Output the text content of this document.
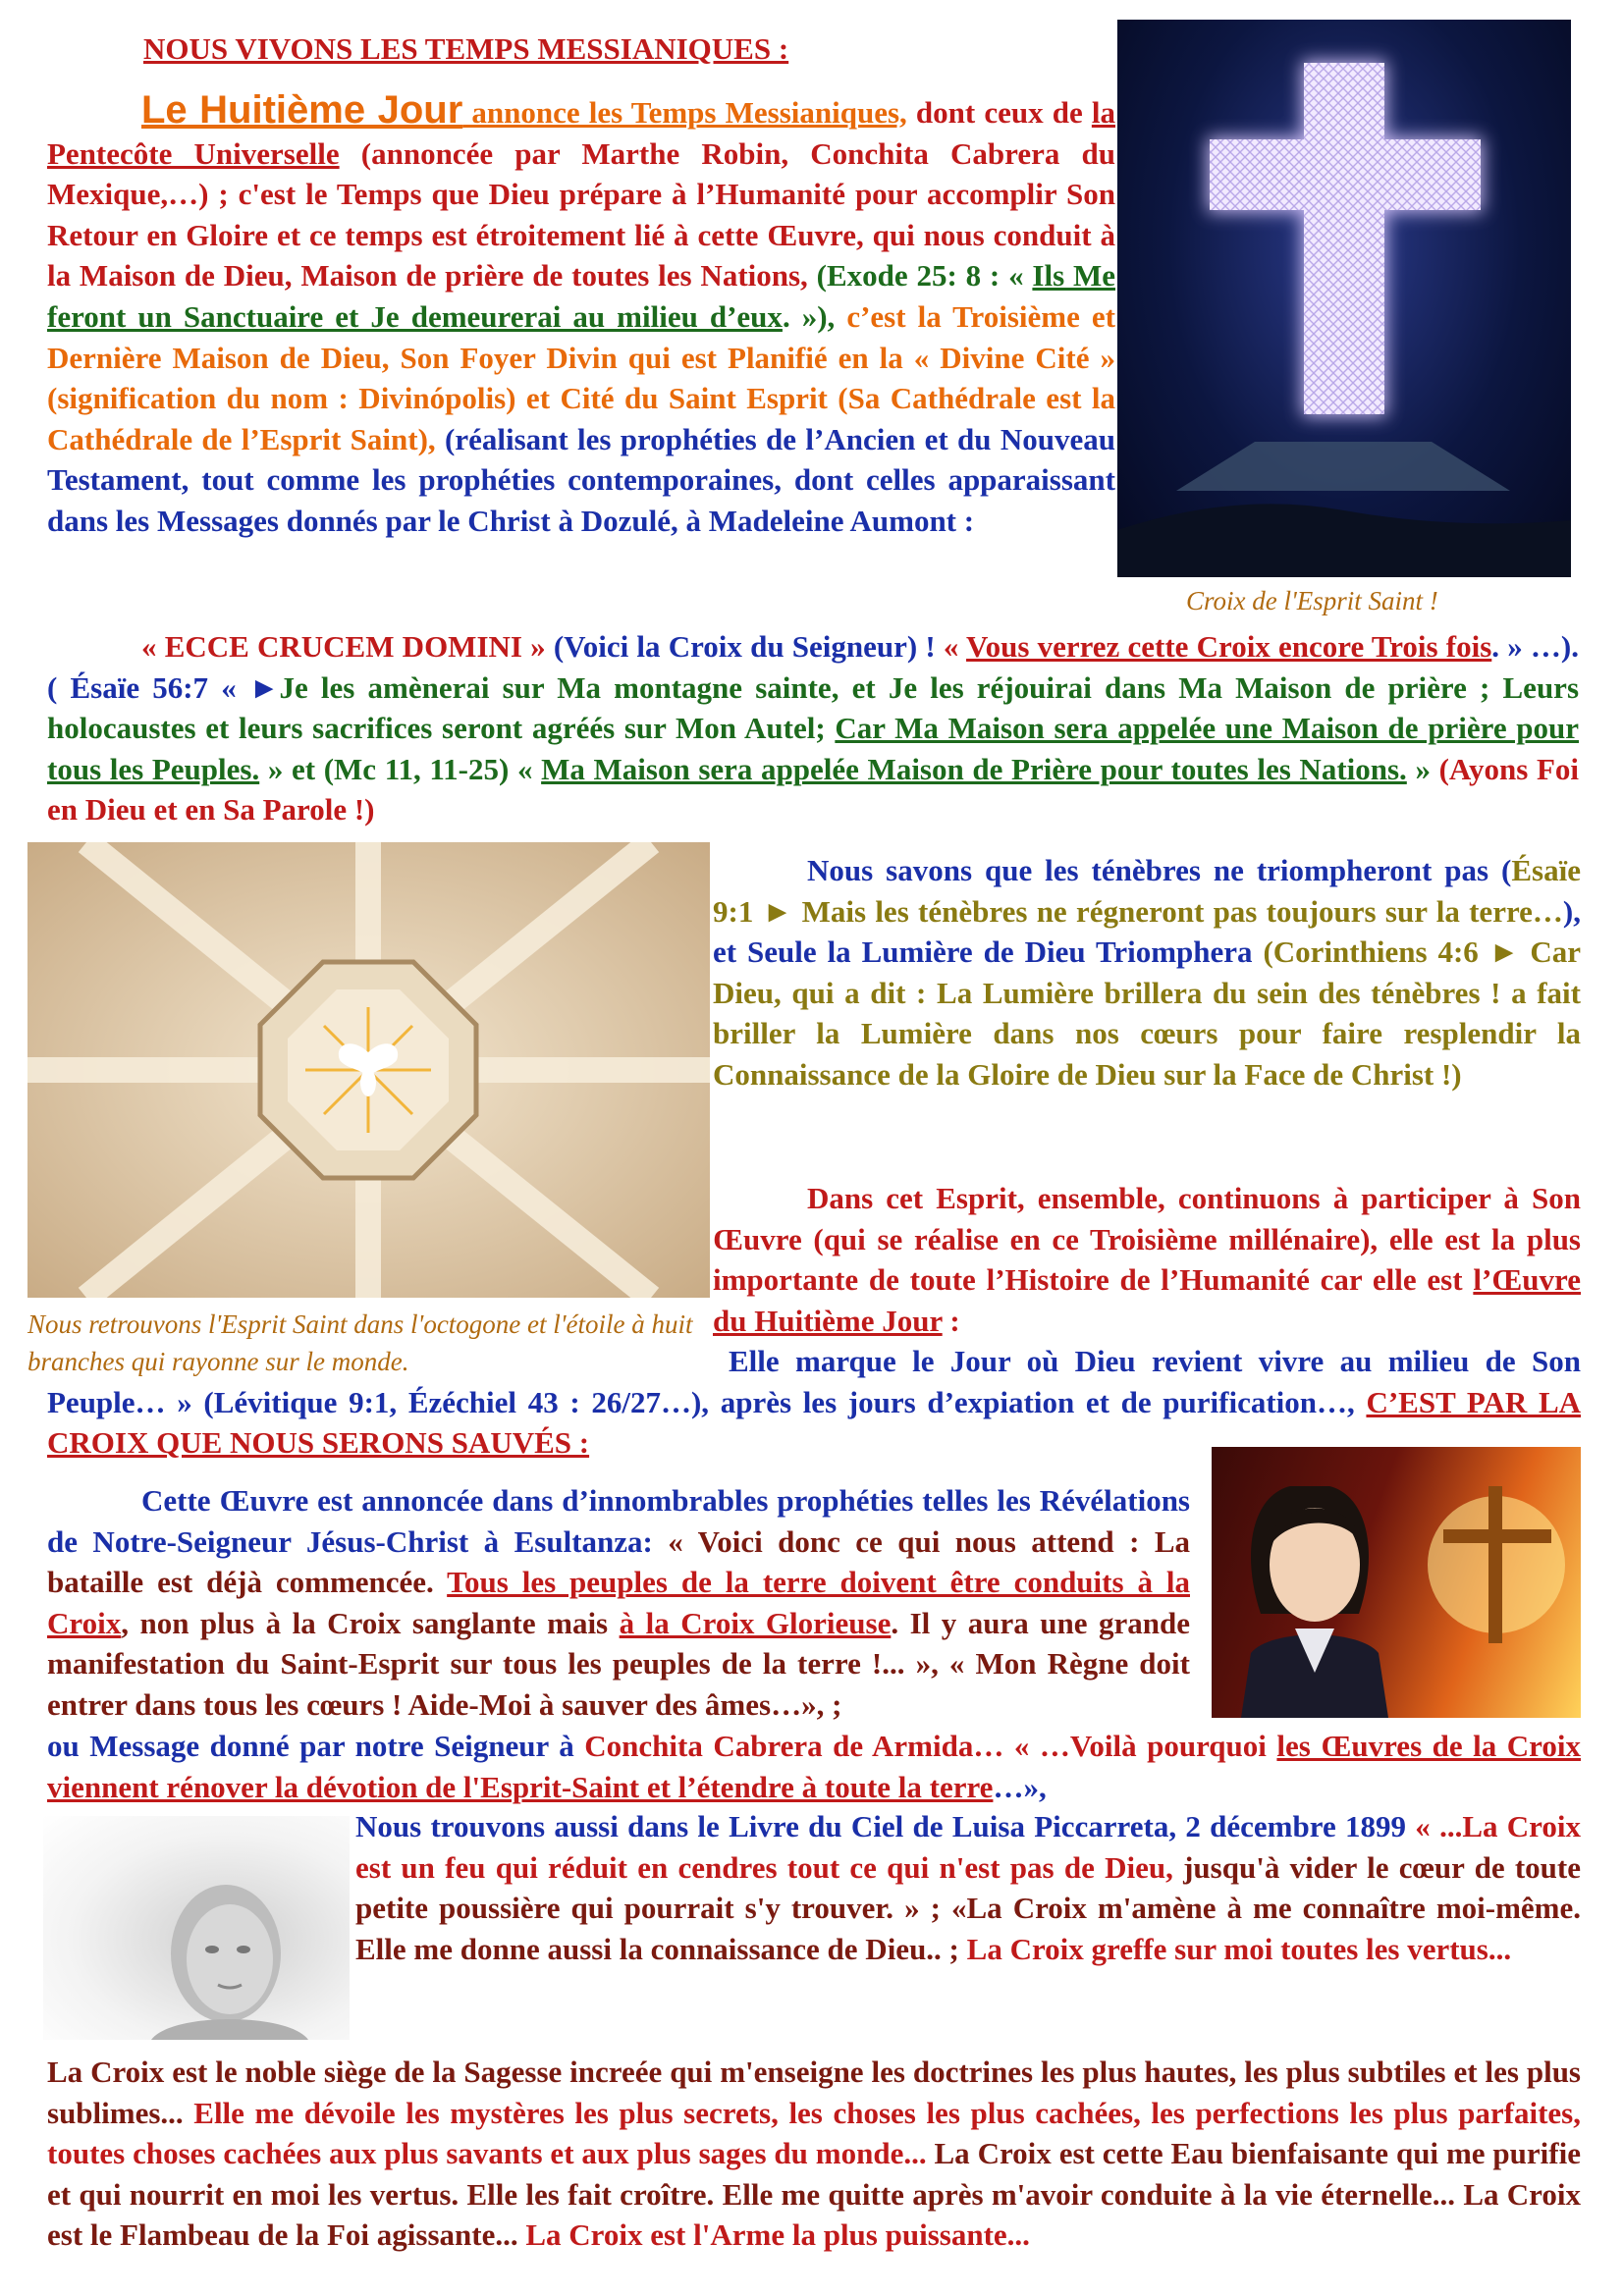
NOUS VIVONS LES TEMPS MESSIANIQUES :
Croix de l'Esprit Saint !

Le Huitième Jour annonce les Temps Messianiques, dont ceux de la Pentecôte Universelle (annoncée par Marthe Robin, Conchita Cabrera du Mexique,…) ; c'est le Temps que Dieu prépare à l’Humanité pour accomplir Son Retour en Gloire et ce temps est étroitement lié à cette Œuvre, qui nous conduit à la Maison de Dieu, Maison de prière de toutes les Nations, (Exode 25: 8 : « Ils Me feront un Sanctuaire et Je demeurerai au milieu d’eux. »), c’est la Troisième et Dernière Maison de Dieu, Son Foyer Divin qui est Planifié en la « Divine Cité » (signification du nom : Divinópolis) et Cité du Saint Esprit (Sa Cathédrale est la Cathédrale de l’Esprit Saint), (réalisant les prophéties de l’Ancien et du Nouveau Testament, tout comme les prophéties contemporaines, dont celles apparaissant dans les Messages donnés par le Christ à Dozulé, à Madeleine Aumont :

« ECCE CRUCEM DOMINI » (Voici la Croix du Seigneur) ! « Vous verrez cette Croix encore Trois fois. » …). ( Ésaïe 56:7 « ►Je les amènerai sur Ma montagne sainte, et Je les réjouirai dans Ma Maison de prière ; Leurs holocaustes et leurs sacrifices seront agréés sur Mon Autel; Car Ma Maison sera appelée une Maison de prière pour tous les Peuples. » et (Mc 11, 11-25) « Ma Maison sera appelée Maison de Prière pour toutes les Nations. » (Ayons Foi en Dieu et en Sa Parole !)

Nous retrouvons l'Esprit Saint dans l'octogone et l'étoile à huit branches qui rayonne sur le monde.

Nous savons que les ténèbres ne triompheront pas (Ésaïe 9:1 ► Mais les ténèbres ne régneront pas toujours sur la terre…), et Seule la Lumière de Dieu Triomphera (Corinthiens 4:6 ► Car Dieu, qui a dit : La Lumière brillera du sein des ténèbres ! a fait briller la Lumière dans nos cœurs pour faire resplendir la Connaissance de la Gloire de Dieu sur la Face de Christ !)

Dans cet Esprit, ensemble, continuons à participer à Son Œuvre (qui se réalise en ce Troisième millénaire), elle est la plus importante de toute l’Histoire de l’Humanité car elle est l’Œuvre du Huitième Jour :

Elle marque le Jour où Dieu revient vivre au milieu de Son Peuple… » (Lévitique 9:1, Ézéchiel 43 : 26/27…), après les jours d’expiation et de purification…, C’EST PAR LA CROIX QUE NOUS SERONS SAUVÉS :

Cette Œuvre est annoncée dans d’innombrables prophéties telles les Révélations de Notre-Seigneur Jésus-Christ à Esultanza: « Voici donc ce qui nous attend : La bataille est déjà commencée. Tous les peuples de la terre doivent être conduits à la Croix, non plus à la Croix sanglante mais à la Croix Glorieuse. Il y aura une grande manifestation du Saint-Esprit sur tous les peuples de la terre !... », « Mon Règne doit entrer dans tous les cœurs ! Aide-Moi à sauver des âmes…», ;

ou Message donné par notre Seigneur à Conchita Cabrera de Armida… « …Voilà pourquoi les Œuvres de la Croix viennent rénover la dévotion de l'Esprit-Saint et l’étendre à toute la terre…»,

Nous trouvons aussi dans le Livre du Ciel de Luisa Piccarreta, 2 décembre 1899 « ...La Croix est un feu qui réduit en cendres tout ce qui n'est pas de Dieu, jusqu'à vider le cœur de toute petite poussière qui pourrait s'y trouver. » ; «La Croix m'amène à me connaître moi-même. Elle me donne aussi la connaissance de Dieu.. ; La Croix greffe sur moi toutes les vertus...

La Croix est le noble siège de la Sagesse increée qui m'enseigne les doctrines les plus hautes, les plus subtiles et les plus sublimes... Elle me dévoile les mystères les plus secrets, les choses les plus cachées, les perfections les plus parfaites, toutes choses cachées aux plus savants et aux plus sages du monde... La Croix est cette Eau bienfaisante qui me purifie et qui nourrit en moi les vertus. Elle les fait croître. Elle me quitte après m'avoir conduite à la vie éternelle... La Croix est le Flambeau de la Foi agissante... La Croix est l'Arme la plus puissante...
